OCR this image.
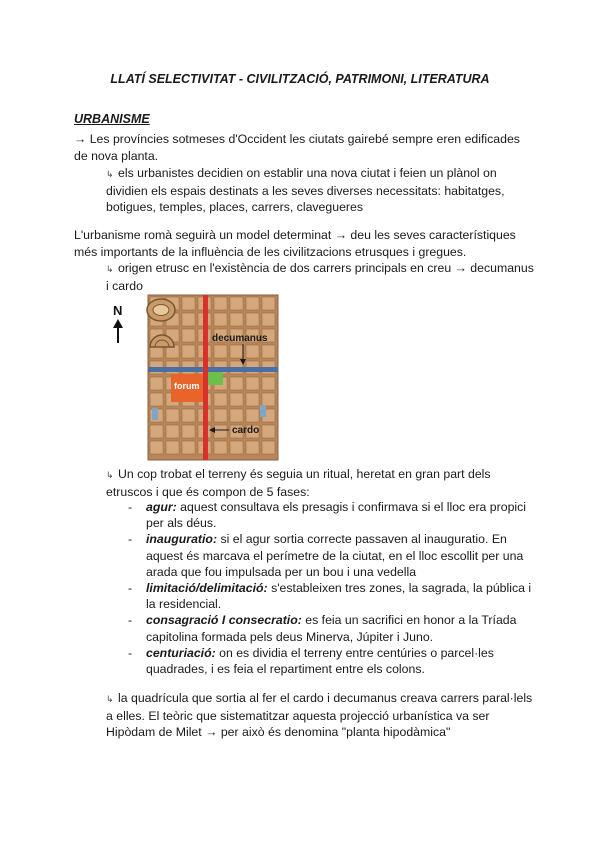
LLATÍ SELECTIVITAT - CIVILITZACIÓ, PATRIMONI, LITERATURA
URBANISME

→ Les províncies sotmeses d'Occident les ciutats gairebé sempre eren edificades de nova planta.

↳ els urbanistes decidien on establir una nova ciutat i feien un plànol on dividien els espais destinats a les seves diverses necessitats: habitatges, botigues, temples, places, carrers, clavegueres

L'urbanisme romà seguirà un model determinat → deu les seves característiques més importants de la influència de les civilitzacions etrusques i gregues.

↳ origen etrusc en l'existència de dos carrers principals en creu → decumanus i cardo

N
decumanus
forum
cardo

↳ Un cop trobat el terreny és seguia un ritual, heretat en gran part dels etruscos i que és compon de 5 fases:

- agur: aquest consultava els presagis i confirmava si el lloc era propici per als déus.
- inauguratio: si el agur sortia correcte passaven al inauguratio. En aquest és marcava el perímetre de la ciutat, en el lloc escollit per una arada que fou impulsada per un bou i una vedella
- limitació/delimitació: s'estableixen tres zones, la sagrada, la pública i la residencial.
- consagració I consecratio: es feia un sacrifici en honor a la Tríada capitolina formada pels deus Minerva, Júpiter i Juno.
- centuriació: on es dividia el terreny entre centúries o parcel·les quadrades, i es feia el repartiment entre els colons.

↳ la quadrícula que sortia al fer el cardo i decumanus creava carrers paral·lels a elles. El teòric que sistematitzar aquesta projecció urbanística va ser Hipòdam de Milet → per això és denomina "planta hipodàmica"
